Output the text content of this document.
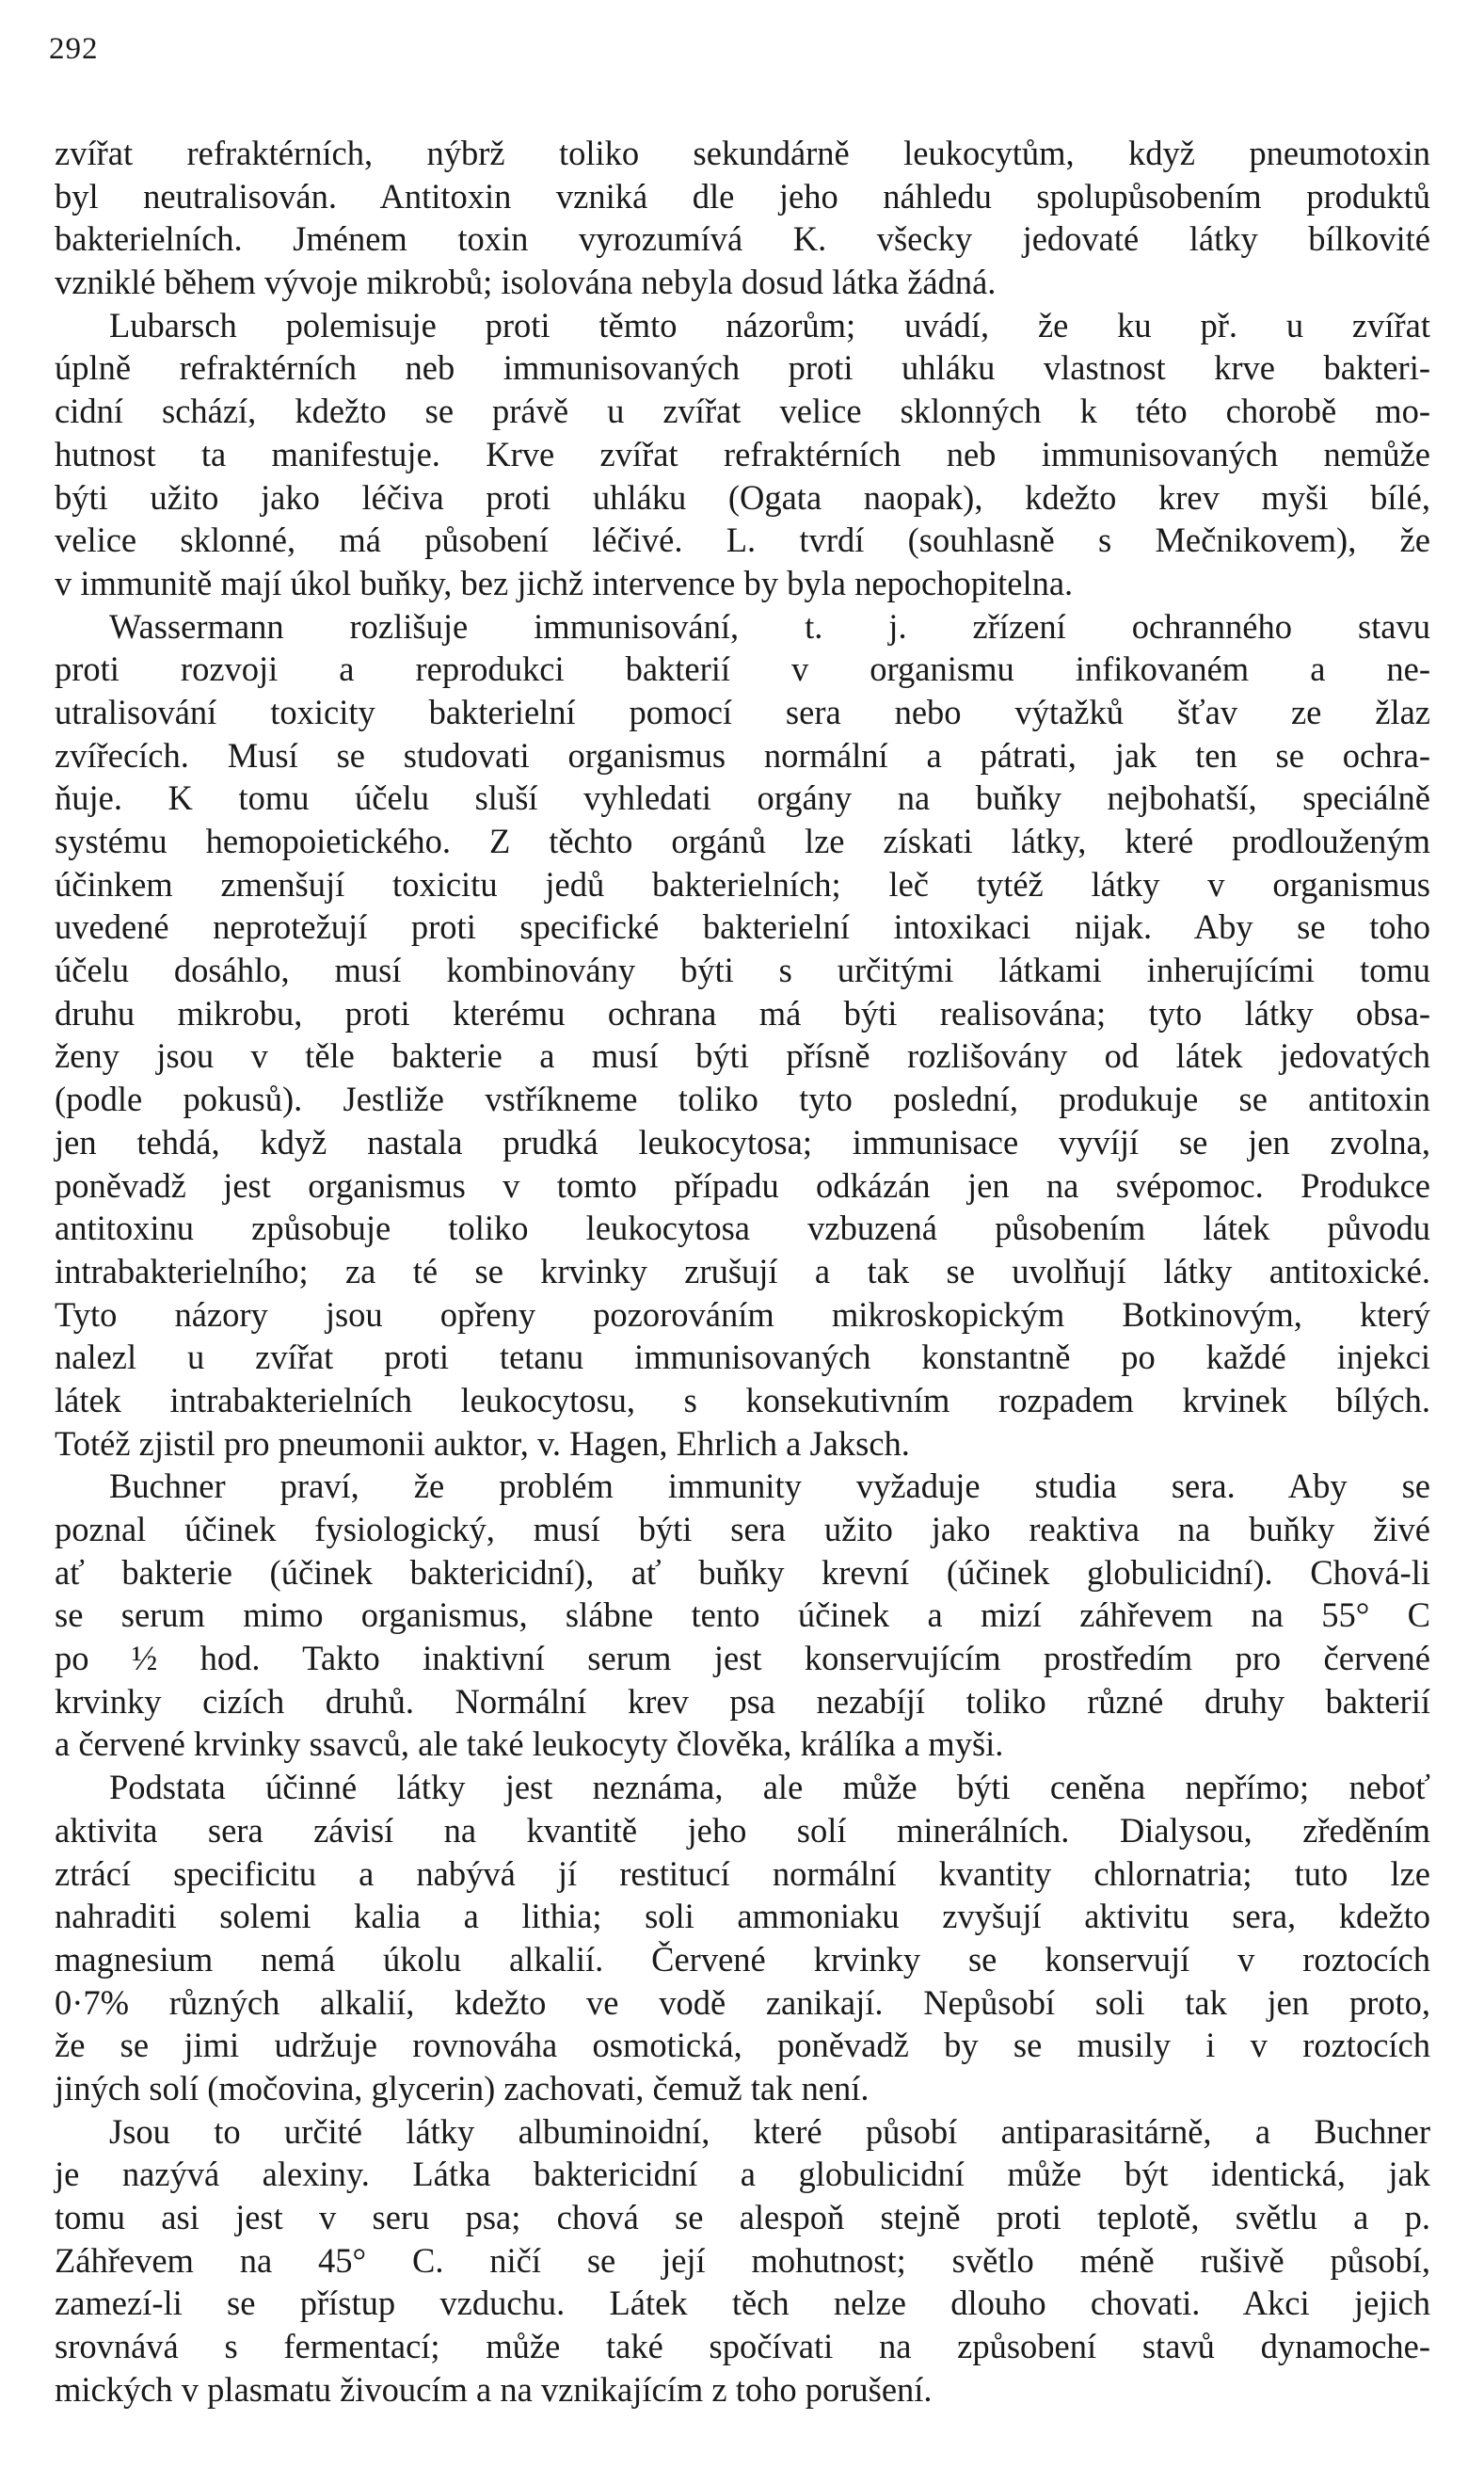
292
zvířat refraktérních, nýbrž toliko sekundárně leukocytům, když pneumotoxin
byl neutralisován. Antitoxin vzniká dle jeho náhledu spolupůsobením produktů
bakterielních. Jménem toxin vyrozumívá K. všecky jedovaté látky bílkovité
vzniklé během vývoje mikrobů; isolována nebyla dosud látka žádná.
Lubarsch polemisuje proti těmto názorům; uvádí, že ku př. u zvířat
úplně refraktérních neb immunisovaných proti uhláku vlastnost krve bakteri-
cidní schází, kdežto se právě u zvířat velice sklonných k této chorobě mo-
hutnost ta manifestuje. Krve zvířat refraktérních neb immunisovaných nemůže
býti užito jako léčiva proti uhláku (Ogata naopak), kdežto krev myši bílé,
velice sklonné, má působení léčivé. L. tvrdí (souhlasně s Mečnikovem), že
v immunitě mají úkol buňky, bez jichž intervence by byla nepochopitelna.
Wassermann rozlišuje immunisování, t. j. zřízení ochranného stavu
proti rozvoji a reprodukci bakterií v organismu infikovaném a ne-
utralisování toxicity bakterielní pomocí sera nebo výtažků šťav ze žlaz
zvířecích. Musí se studovati organismus normální a pátrati, jak ten se ochra-
ňuje. K tomu účelu sluší vyhledati orgány na buňky nejbohatší, speciálně
systému hemopoietického. Z těchto orgánů lze získati látky, které prodlouženým
účinkem zmenšují toxicitu jedů bakterielních; leč tytéž látky v organismus
uvedené neprotežují proti specifické bakterielní intoxikaci nijak. Aby se toho
účelu dosáhlo, musí kombinovány býti s určitými látkami inherujícími tomu
druhu mikrobu, proti kterému ochrana má býti realisována; tyto látky obsa-
ženy jsou v těle bakterie a musí býti přísně rozlišovány od látek jedovatých
(podle pokusů). Jestliže vstříkneme toliko tyto poslední, produkuje se antitoxin
jen tehdá, když nastala prudká leukocytosa; immunisace vyvíjí se jen zvolna,
poněvadž jest organismus v tomto případu odkázán jen na svépomoc. Produkce
antitoxinu způsobuje toliko leukocytosa vzbuzená působením látek původu
intrabakterielního; za té se krvinky zrušují a tak se uvolňují látky antitoxické.
Tyto názory jsou opřeny pozorováním mikroskopickým Botkinovým, který
nalezl u zvířat proti tetanu immunisovaných konstantně po každé injekci
látek intrabakterielních leukocytosu, s konsekutivním rozpadem krvinek bílých.
Totéž zjistil pro pneumonii auktor, v. Hagen, Ehrlich a Jaksch.
Buchner praví, že problém immunity vyžaduje studia sera. Aby se
poznal účinek fysiologický, musí býti sera užito jako reaktiva na buňky živé
ať bakterie (účinek baktericidní), ať buňky krevní (účinek globulicidní). Chová-li
se serum mimo organismus, slábne tento účinek a mizí záhřevem na 55° C
po ½ hod. Takto inaktivní serum jest konservujícím prostředím pro červené
krvinky cizích druhů. Normální krev psa nezabíjí toliko různé druhy bakterií
a červené krvinky ssavců, ale také leukocyty člověka, králíka a myši.
Podstata účinné látky jest neznáma, ale může býti ceněna nepřímo; neboť
aktivita sera závisí na kvantitě jeho solí minerálních. Dialysou, zředěním
ztrácí specificitu a nabývá jí restitucí normální kvantity chlornatria; tuto lze
nahraditi solemi kalia a lithia; soli ammoniaku zvyšují aktivitu sera, kdežto
magnesium nemá úkolu alkalií. Červené krvinky se konservují v roztocích
0·7% různých alkalií, kdežto ve vodě zanikají. Nepůsobí soli tak jen proto,
že se jimi udržuje rovnováha osmotická, poněvadž by se musily i v roztocích
jiných solí (močovina, glycerin) zachovati, čemuž tak není.
Jsou to určité látky albuminoidní, které působí antiparasitárně, a Buchner
je nazývá alexiny. Látka baktericidní a globulicidní může být identická, jak
tomu asi jest v seru psa; chová se alespoň stejně proti teplotě, světlu a p.
Záhřevem na 45° C. ničí se její mohutnost; světlo méně rušivě působí,
zamezí-li se přístup vzduchu. Látek těch nelze dlouho chovati. Akci jejich
srovnává s fermentací; může také spočívati na způsobení stavů dynamoche-
mických v plasmatu živoucím a na vznikajícím z toho porušení.
